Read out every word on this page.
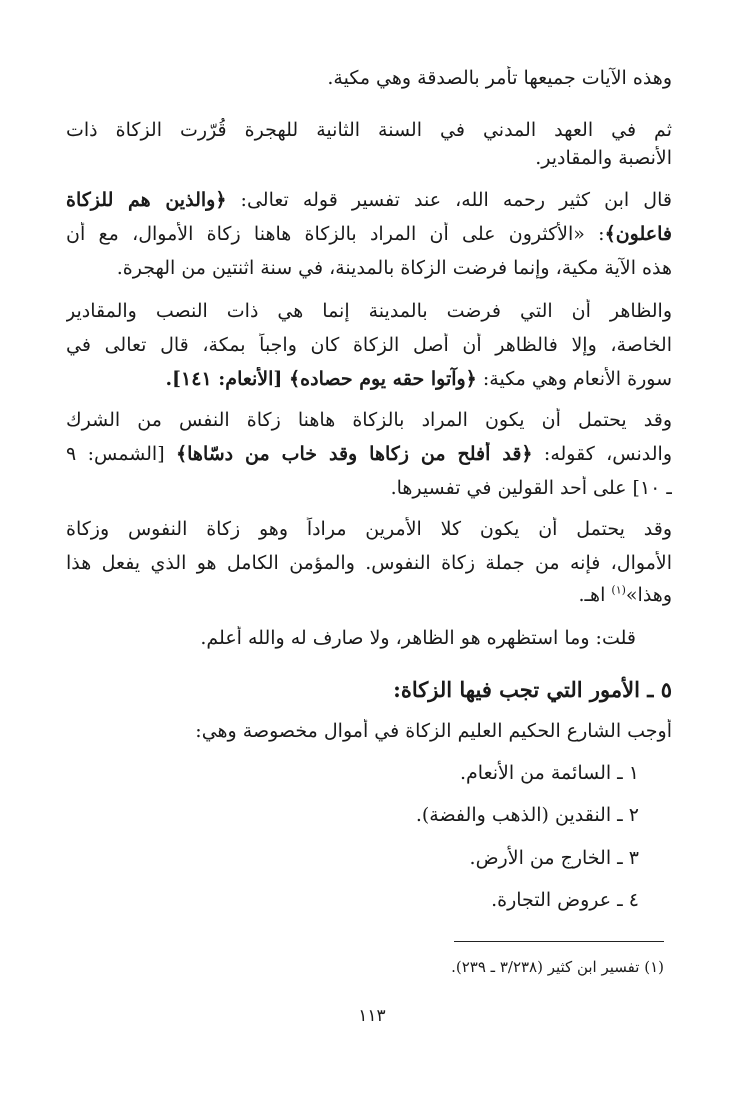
وهذه الآيات جميعها تأمر بالصدقة وهي مكية.
ثم في العهد المدني في السنة الثانية للهجرة قُرّرت الزكاة ذات
الأنصبة والمقادير.
قال ابن كثير رحمه الله، عند تفسير قوله تعالى: ﴿والذين هم للزكاة
فاعلون﴾: «الأكثرون على أن المراد بالزكاة هاهنا زكاة الأموال، مع أن
هذه الآية مكية، وإنما فرضت الزكاة بالمدينة، في سنة اثنتين من الهجرة.
والظاهر أن التي فرضت بالمدينة إنما هي ذات النصب والمقادير
الخاصة، وإلا فالظاهر أن أصل الزكاة كان واجباً بمكة، قال تعالى في
سورة الأنعام وهي مكية: ﴿وآتوا حقه يوم حصاده﴾ [الأنعام: ١٤١].
وقد يحتمل أن يكون المراد بالزكاة هاهنا زكاة النفس من الشرك
والدنس، كقوله: ﴿قد أفلح من زكاها وقد خاب من دسّاها﴾ [الشمس: ٩
ـ ١٠] على أحد القولين في تفسيرها.
وقد يحتمل أن يكون كلا الأمرين مراداً وهو زكاة النفوس وزكاة
الأموال، فإنه من جملة زكاة النفوس. والمؤمن الكامل هو الذي يفعل هذا
وهذا»$^{(١)}$ اهـ.
قلت: وما استظهره هو الظاهر، ولا صارف له والله أعلم.
٥ ـ الأمور التي تجب فيها الزكاة:
أوجب الشارع الحكيم العليم الزكاة في أموال مخصوصة وهي:
١ ـ السائمة من الأنعام.
٢ ـ النقدين (الذهب والفضة).
٣ ـ الخارج من الأرض.
٤ ـ عروض التجارة.
(١) تفسير ابن كثير (٣/٢٣٨ ـ ٢٣٩).
١١٣
